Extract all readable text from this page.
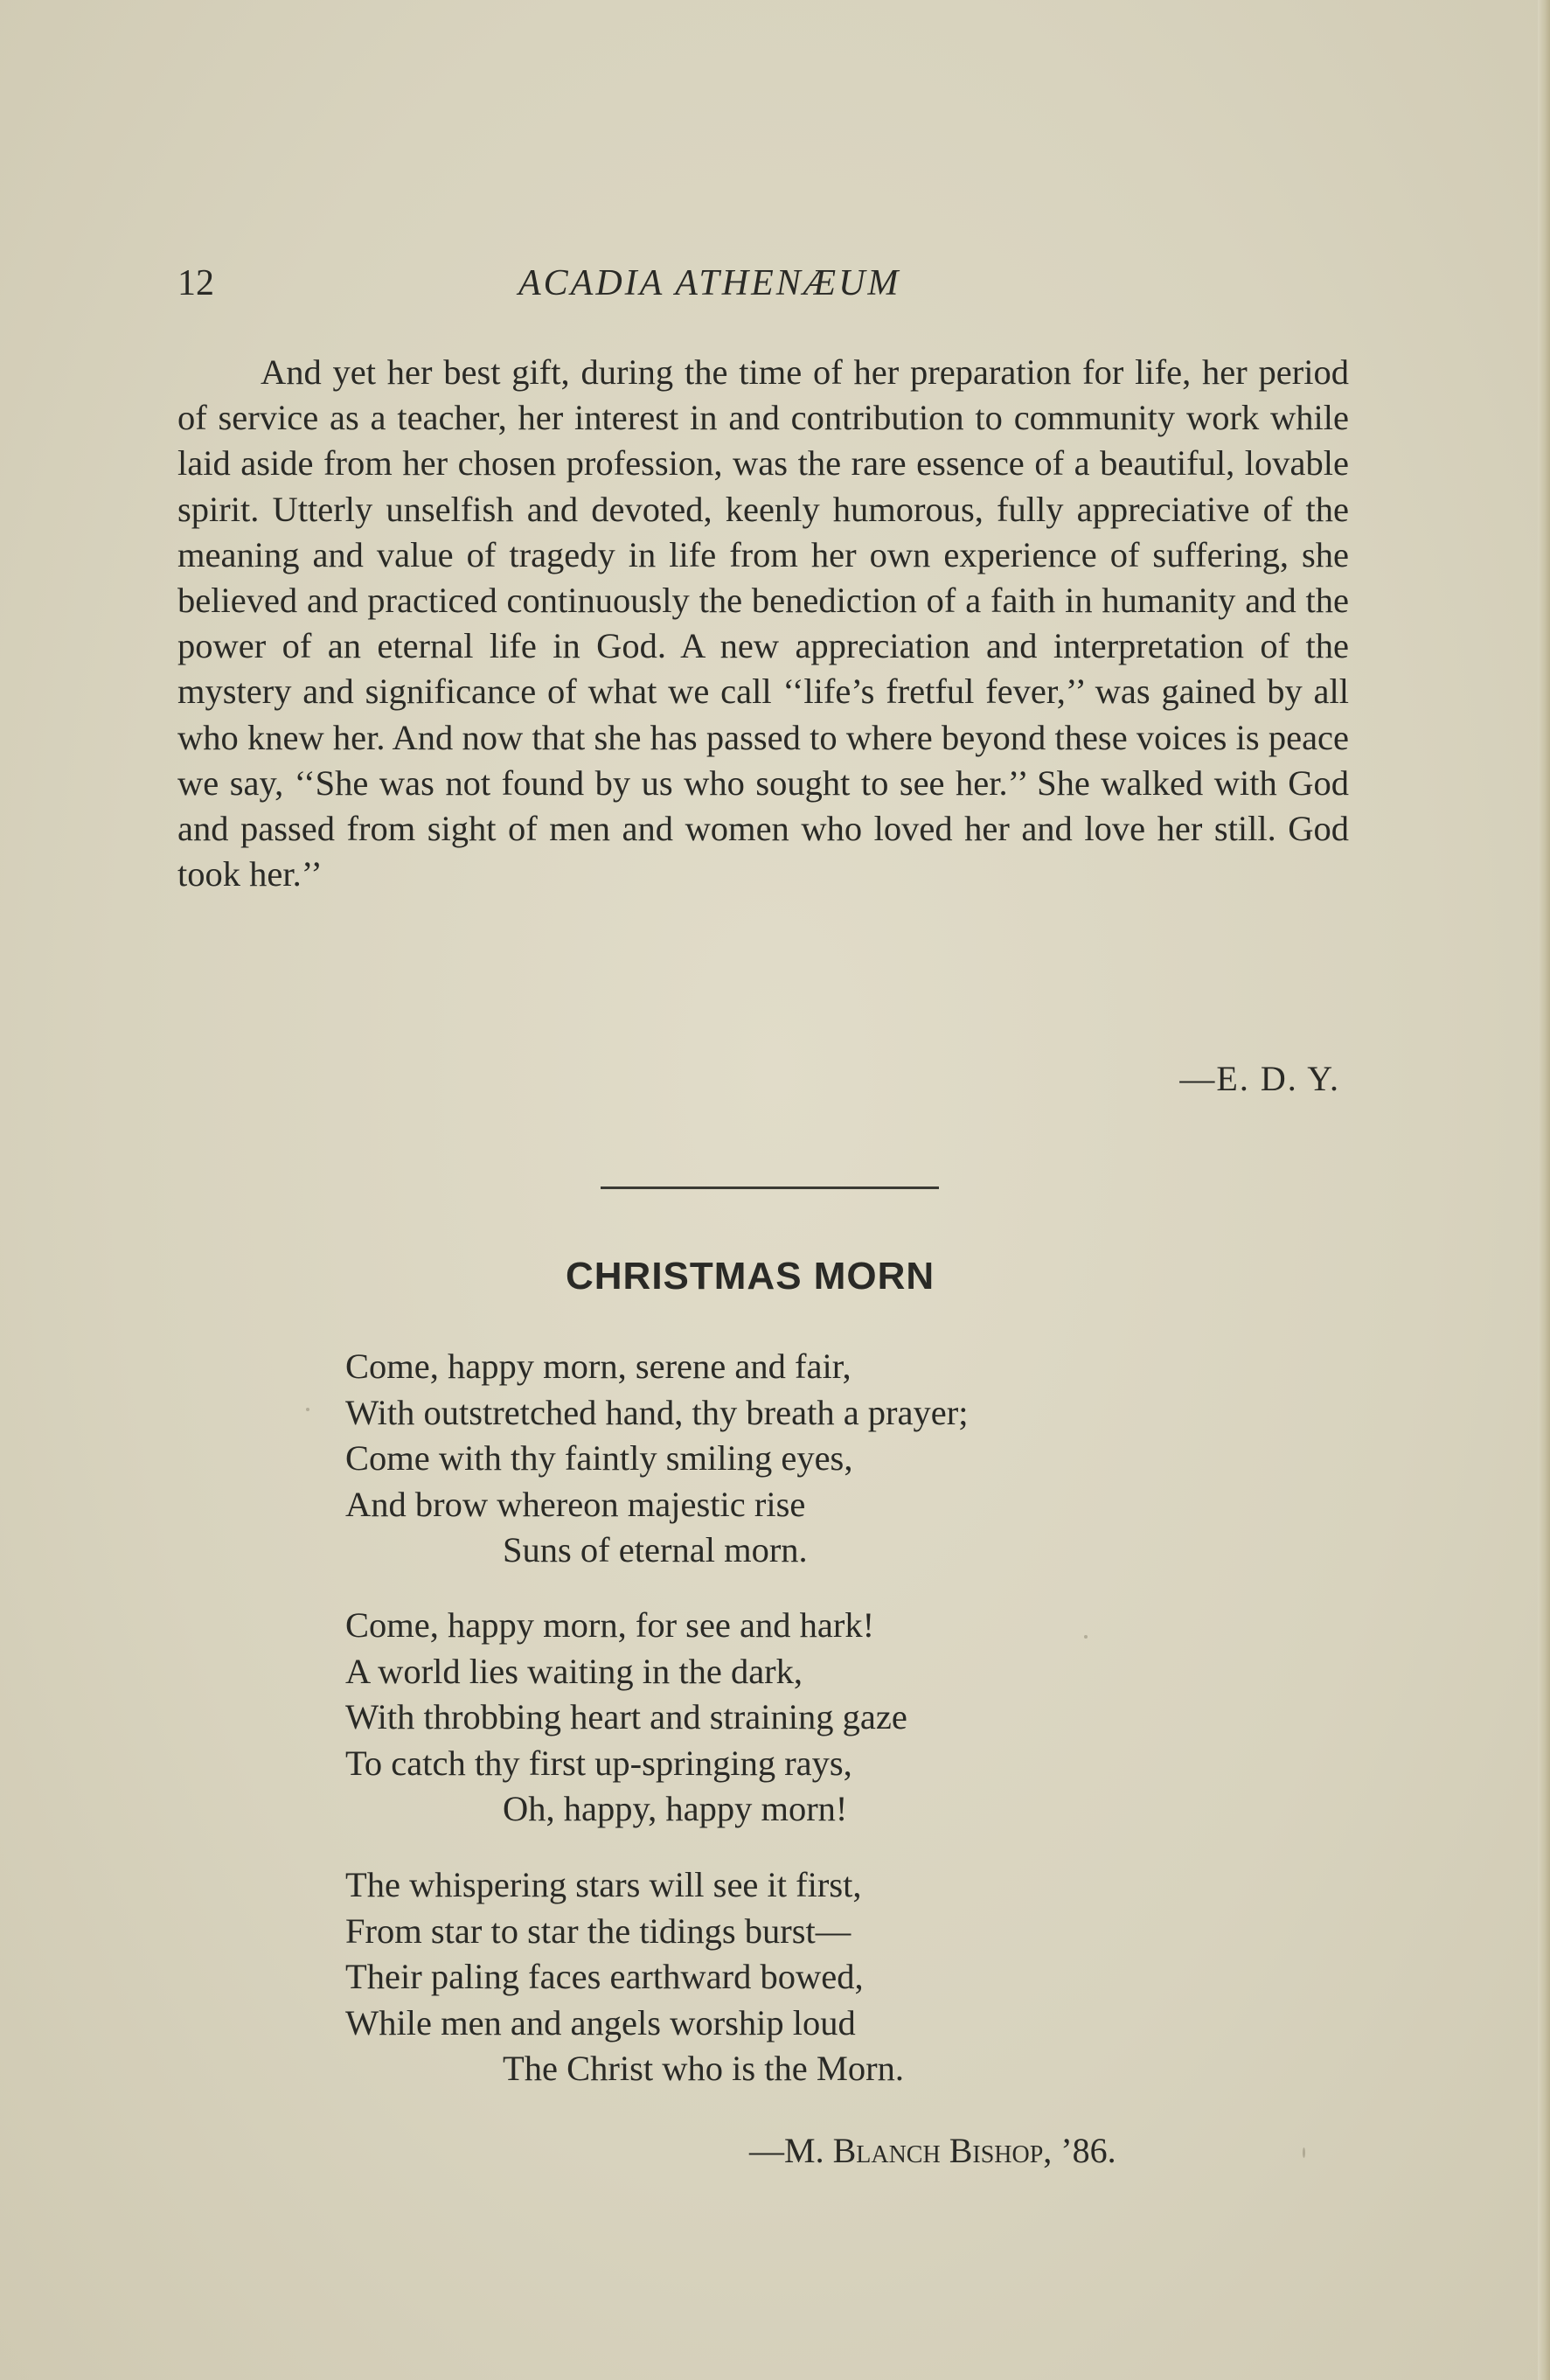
12	ACADIA ATHENÆUM

And yet her best gift, during the time of her preparation for life, her period of service as a teacher, her interest in and contribution to community work while laid aside from her chosen profession, was the rare essence of a beautiful, lovable spirit. Utterly unselfish and devoted, keenly humorous, fully appreciative of the meaning and value of tragedy in life from her own experience of suffering, she believed and practiced continuously the benediction of a faith in humanity and the power of an eternal life in God. A new appreciation and interpretation of the mystery and significance of what we call ‘‘life’s fretful fever,’’ was gained by all who knew her. And now that she has passed to where beyond these voices is peace we say, ‘‘She was not found by us who sought to see her.’’ She walked with God and passed from sight of men and women who loved her and love her still. God took her.’’

—E. D. Y.
CHRISTMAS MORN
Come, happy morn, serene and fair,
With outstretched hand, thy breath a prayer;
Come with thy faintly smiling eyes,
And brow whereon majestic rise
Suns of eternal morn.
Come, happy morn, for see and hark!
A world lies waiting in the dark,
With throbbing heart and straining gaze
To catch thy first up-springing rays,
Oh, happy, happy morn!
The whispering stars will see it first,
From star to star the tidings burst—
Their paling faces earthward bowed,
While men and angels worship loud
The Christ who is the Morn.
—M. Blanch Bishop, ’86.
